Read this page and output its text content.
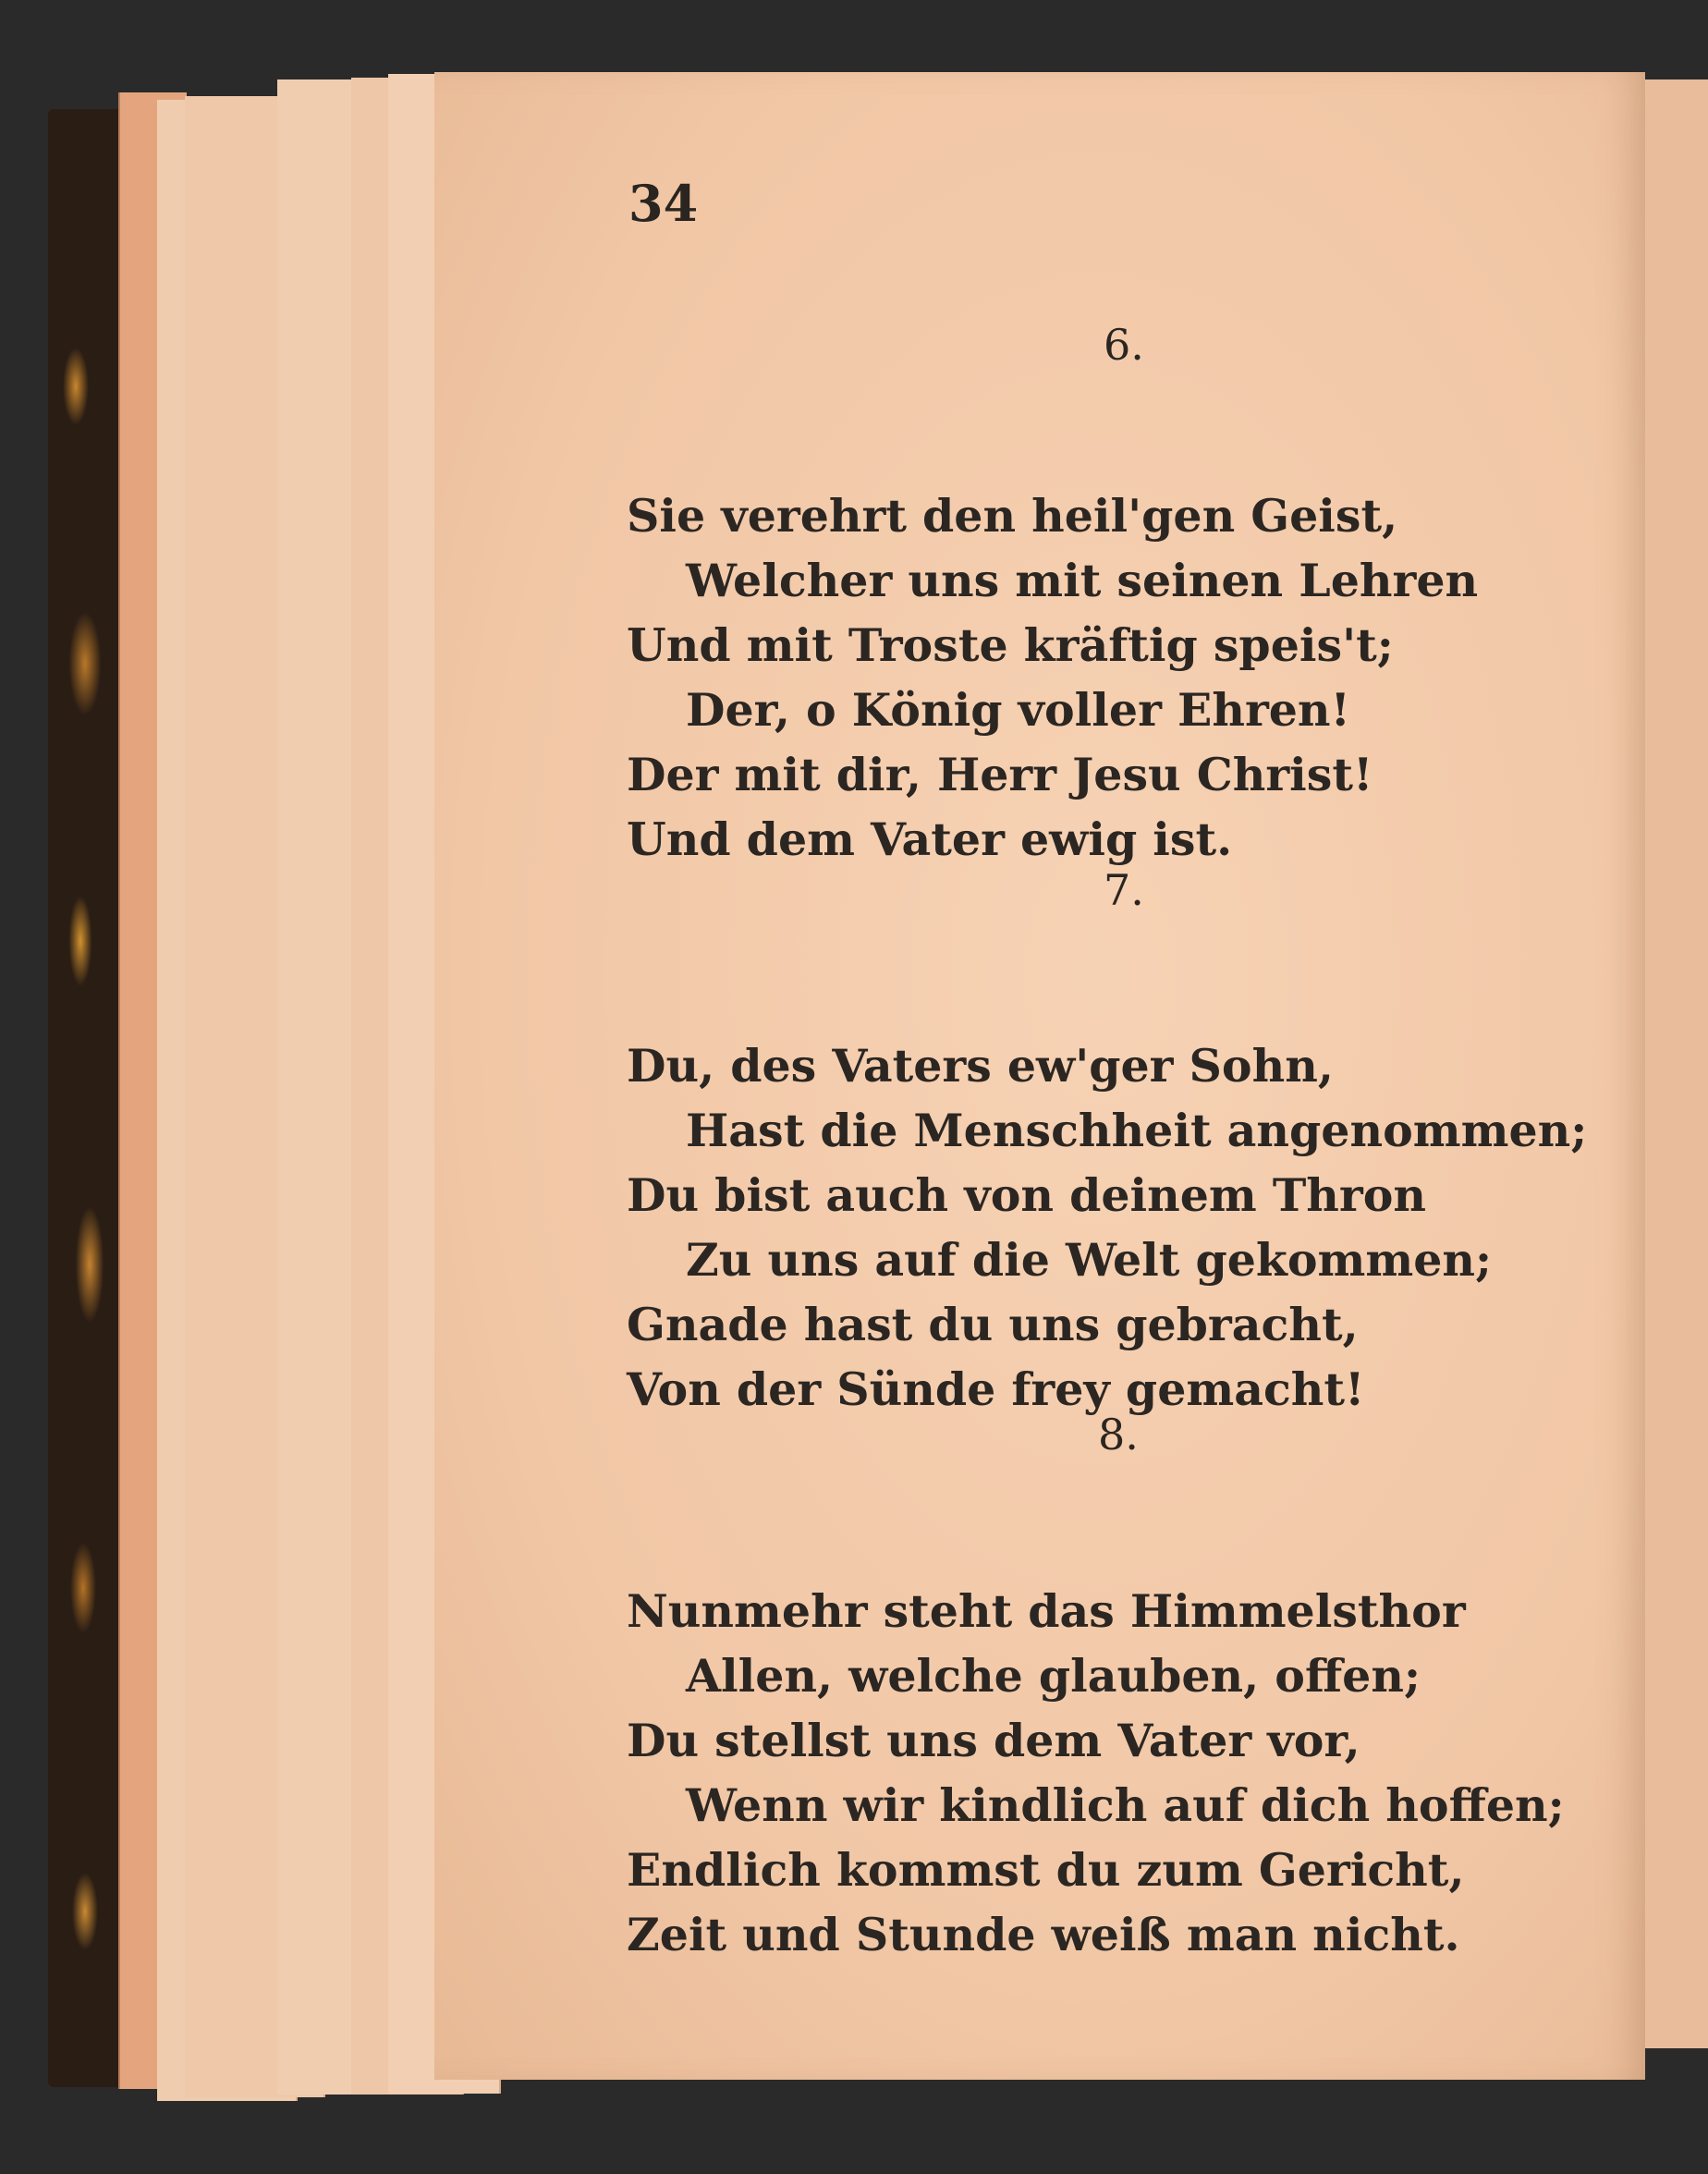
34

6.

Sie verehrt den heil'gen Geist,
Welcher uns mit seinen Lehren
Und mit Troste kräftig speis't;
Der, o König voller Ehren!
Der mit dir, Herr Jesu Christ!
Und dem Vater ewig ist.

7.

Du, des Vaters ew'ger Sohn,
Hast die Menschheit angenommen;
Du bist auch von deinem Thron
Zu uns auf die Welt gekommen;
Gnade hast du uns gebracht,
Von der Sünde frey gemacht!

8.

Nunmehr steht das Himmelsthor
Allen, welche glauben, offen;
Du stellst uns dem Vater vor,
Wenn wir kindlich auf dich hoffen;
Endlich kommst du zum Gericht,
Zeit und Stunde weiß man nicht.
